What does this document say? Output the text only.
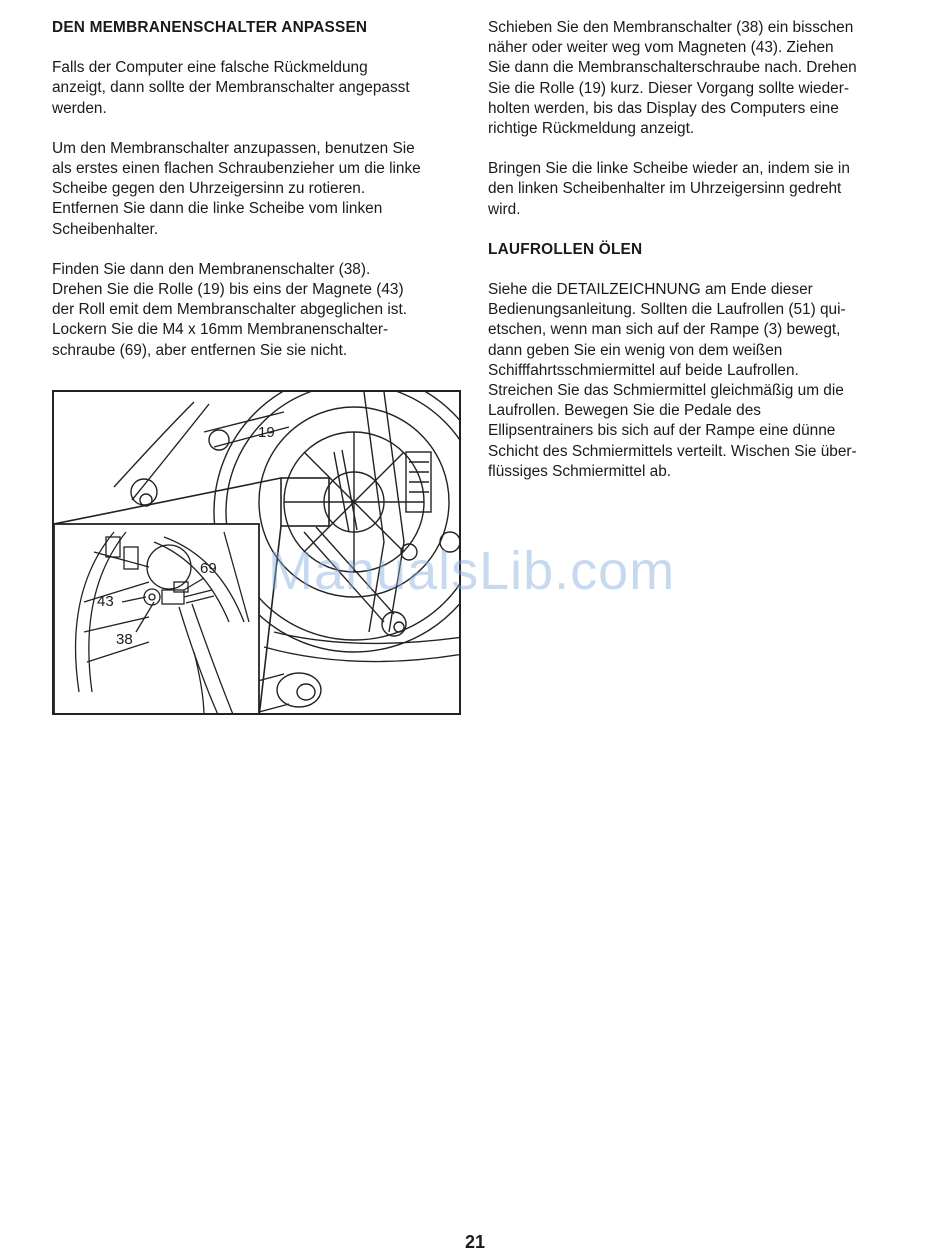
DEN MEMBRANENSCHALTER ANPASSEN
Falls der Computer eine falsche Rückmeldung
anzeigt, dann sollte der Membranschalter angepasst
werden.
Um den Membranschalter anzupassen, benutzen Sie
als erstes einen flachen Schraubenzieher um die linke
Scheibe gegen den Uhrzeigersinn zu rotieren.
Entfernen Sie dann die linke Scheibe vom linken
Scheibenhalter.
Finden Sie dann den Membranenschalter (38).
Drehen Sie die Rolle (19) bis eins der Magnete (43)
der Roll emit dem Membranschalter abgeglichen ist.
Lockern Sie die M4 x 16mm Membranenschalter-
schraube (69), aber entfernen Sie sie nicht.
Schieben Sie den Membranschalter (38) ein bisschen
näher oder weiter weg vom Magneten (43). Ziehen
Sie dann die Membranschalterschraube nach. Drehen
Sie die Rolle (19) kurz. Dieser Vorgang sollte wieder-
holten werden, bis das Display des Computers eine
richtige Rückmeldung anzeigt.
Bringen Sie die linke Scheibe wieder an, indem sie in
den linken Scheibenhalter im Uhrzeigersinn gedreht
wird.
LAUFROLLEN ÖLEN
Siehe die DETAILZEICHNUNG am Ende dieser
Bedienungsanleitung. Sollten die Laufrollen (51) qui-
etschen, wenn man sich auf der Rampe (3) bewegt,
dann geben Sie ein wenig von dem weißen
Schifffahrtsschmiermittel auf beide Laufrollen.
Streichen Sie das Schmiermittel gleichmäßig um die
Laufrollen. Bewegen Sie die Pedale des
Ellipsentrainers bis sich auf der Rampe eine dünne
Schicht des Schmiermittels verteilt. Wischen Sie über-
flüssiges Schmiermittel ab.
19
69
43
38
ManualsLib.com
21
